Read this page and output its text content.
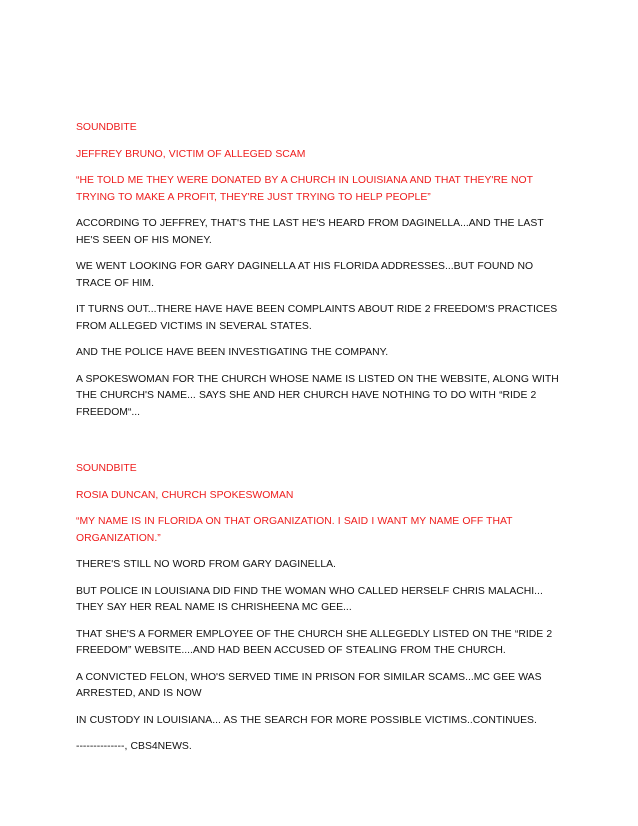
SOUNDBITE

JEFFREY BRUNO, VICTIM OF ALLEGED SCAM

“HE TOLD ME THEY WERE DONATED BY A CHURCH IN LOUISIANA AND THAT THEY'RE NOT TRYING TO MAKE A PROFIT, THEY'RE JUST TRYING TO HELP PEOPLE”

ACCORDING TO JEFFREY, THAT'S THE LAST HE'S HEARD FROM DAGINELLA...AND THE LAST HE'S SEEN OF HIS MONEY.

WE WENT LOOKING FOR GARY DAGINELLA AT HIS FLORIDA ADDRESSES...BUT FOUND NO TRACE OF HIM.

IT TURNS OUT...THERE HAVE HAVE BEEN COMPLAINTS ABOUT RIDE 2 FREEDOM'S PRACTICES FROM ALLEGED VICTIMS IN SEVERAL STATES.

AND THE POLICE HAVE BEEN INVESTIGATING THE COMPANY.

A SPOKESWOMAN FOR THE CHURCH WHOSE NAME IS LISTED ON THE WEBSITE, ALONG WITH THE CHURCH'S NAME... SAYS SHE AND HER CHURCH HAVE NOTHING TO DO WITH “RIDE 2 FREEDOM“...

SOUNDBITE

ROSIA DUNCAN, CHURCH SPOKESWOMAN

“MY NAME IS IN FLORIDA ON THAT ORGANIZATION. I SAID I WANT MY NAME OFF THAT ORGANIZATION.”

THERE'S STILL NO WORD FROM GARY DAGINELLA.

BUT POLICE IN LOUISIANA DID FIND THE WOMAN WHO CALLED HERSELF CHRIS MALACHI... THEY SAY HER REAL NAME IS CHRISHEENA MC GEE...

THAT SHE'S A FORMER EMPLOYEE OF THE CHURCH SHE ALLEGEDLY LISTED ON THE “RIDE 2 FREEDOM” WEBSITE....AND HAD BEEN ACCUSED OF STEALING FROM THE CHURCH.

A CONVICTED FELON, WHO'S SERVED TIME IN PRISON FOR SIMILAR SCAMS...MC GEE WAS ARRESTED, AND IS NOW

IN CUSTODY IN LOUISIANA... AS THE SEARCH FOR MORE POSSIBLE VICTIMS..CONTINUES.

--------------, CBS4NEWS.
